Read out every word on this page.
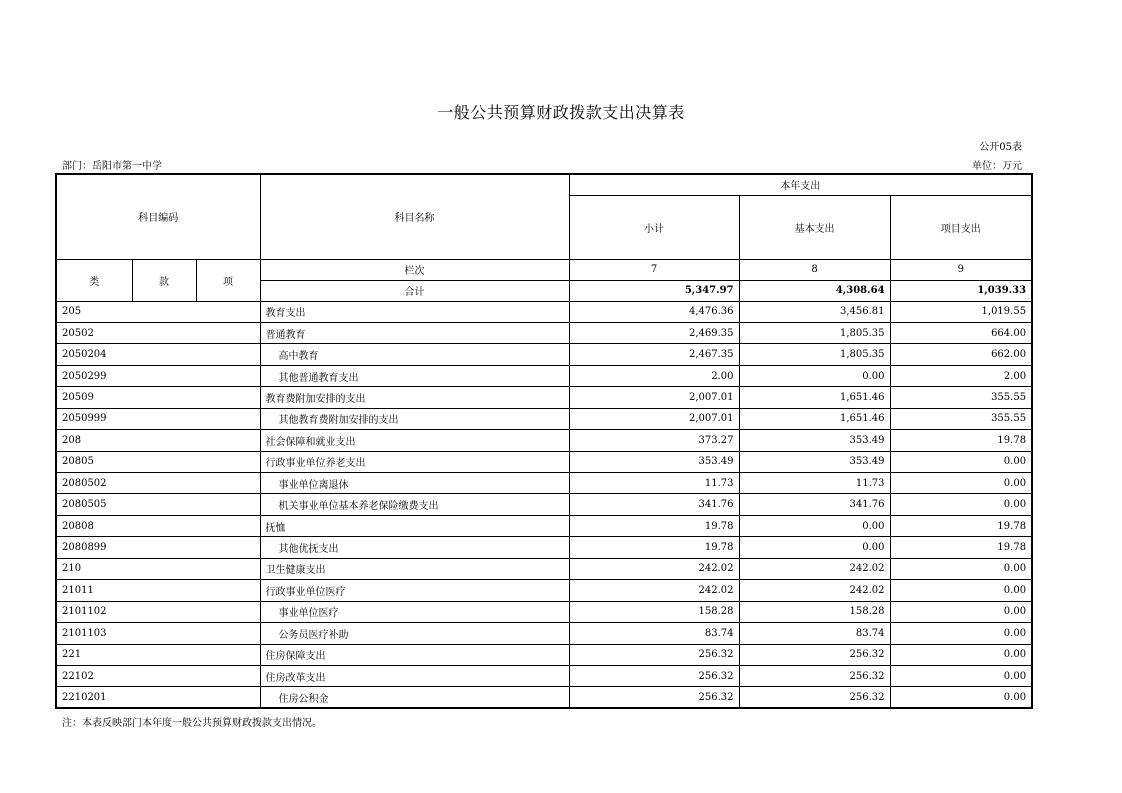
一般公共预算财政拨款支出决算表
公开05表
部门：岳阳市第一中学	单位：万元
科目编码			科目名称	本年支出		
				小计	基本支出	项目支出
类	款	项	栏次	7	8	9
			合计	5,347.97	4,308.64	1,039.33
205			教育支出	4,476.36	3,456.81	1,019.55
20502			普通教育	2,469.35	1,805.35	664.00
2050204			高中教育	2,467.35	1,805.35	662.00
2050299			其他普通教育支出	2.00	0.00	2.00
20509			教育费附加安排的支出	2,007.01	1,651.46	355.55
2050999			其他教育费附加安排的支出	2,007.01	1,651.46	355.55
208			社会保障和就业支出	373.27	353.49	19.78
20805			行政事业单位养老支出	353.49	353.49	0.00
2080502			事业单位离退休	11.73	11.73	0.00
2080505			机关事业单位基本养老保险缴费支出	341.76	341.76	0.00
20808			抚恤	19.78	0.00	19.78
2080899			其他优抚支出	19.78	0.00	19.78
210			卫生健康支出	242.02	242.02	0.00
21011			行政事业单位医疗	242.02	242.02	0.00
2101102			事业单位医疗	158.28	158.28	0.00
2101103			公务员医疗补助	83.74	83.74	0.00
221			住房保障支出	256.32	256.32	0.00
22102			住房改革支出	256.32	256.32	0.00
2210201			住房公积金	256.32	256.32	0.00
注：本表反映部门本年度一般公共预算财政拨款支出情况。
